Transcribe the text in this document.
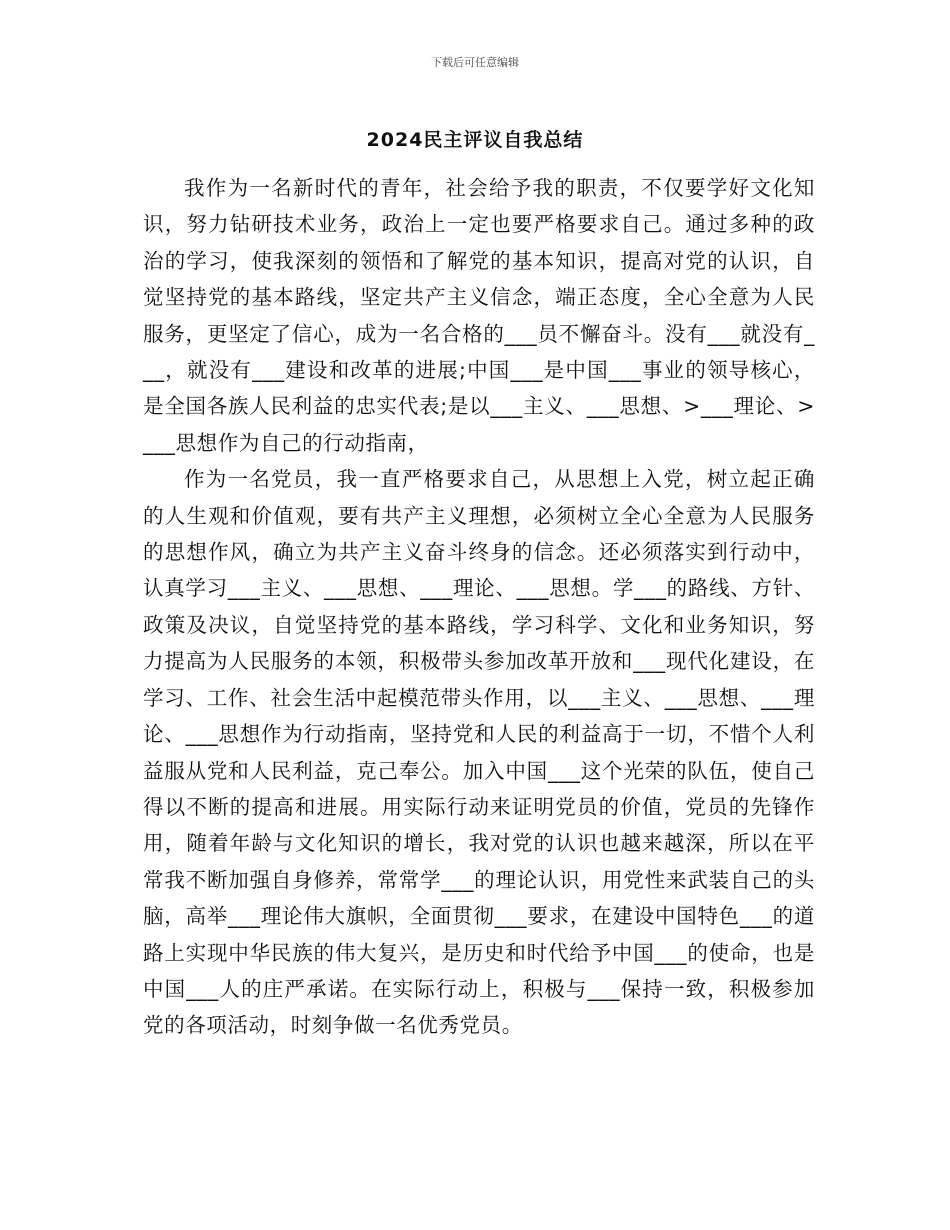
下载后可任意编辑
2024民主评议自我总结

我作为一名新时代的青年，社会给予我的职责，不仅要学好文化知识，努力钻研技术业务，政治上一定也要严格要求自己。通过多种的政治的学习，使我深刻的领悟和了解党的基本知识，提高对党的认识，自觉坚持党的基本路线，坚定共产主义信念，端正态度，全心全意为人民服务，更坚定了信心，成为一名合格的___员不懈奋斗。没有___就没有___，就没有___建设和改革的进展;中国___是中国___事业的领导核心，是全国各族人民利益的忠实代表;是以___主义、___思想、>___理论、>___思想作为自己的行动指南，

作为一名党员，我一直严格要求自己，从思想上入党，树立起正确的人生观和价值观，要有共产主义理想，必须树立全心全意为人民服务的思想作风，确立为共产主义奋斗终身的信念。还必须落实到行动中，认真学习___主义、___思想、___理论、___思想。学___的路线、方针、政策及决议，自觉坚持党的基本路线，学习科学、文化和业务知识，努力提高为人民服务的本领，积极带头参加改革开放和___现代化建设，在学习、工作、社会生活中起模范带头作用，以___主义、___思想、___理论、___思想作为行动指南，坚持党和人民的利益高于一切，不惜个人利益服从党和人民利益，克己奉公。加入中国___这个光荣的队伍，使自己得以不断的提高和进展。用实际行动来证明党员的价值，党员的先锋作用，随着年龄与文化知识的增长，我对党的认识也越来越深，所以在平常我不断加强自身修养，常常学___的理论认识，用党性来武装自己的头脑，高举___理论伟大旗帜，全面贯彻___要求，在建设中国特色___的道路上实现中华民族的伟大复兴，是历史和时代给予中国___的使命，也是中国___人的庄严承诺。在实际行动上，积极与___保持一致，积极参加党的各项活动，时刻争做一名优秀党员。
